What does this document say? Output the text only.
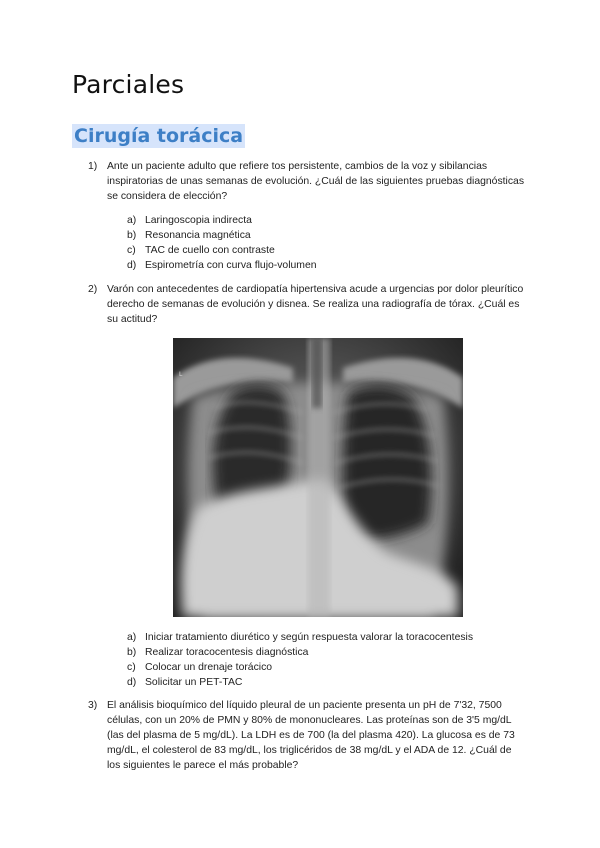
Parciales
Cirugía torácica
1) Ante un paciente adulto que refiere tos persistente, cambios de la voz y sibilancias inspiratorias de unas semanas de evolución. ¿Cuál de las siguientes pruebas diagnósticas se considera de elección?
a) Laringoscopia indirecta
b) Resonancia magnética
c) TAC de cuello con contraste
d) Espirometría con curva flujo-volumen
2) Varón con antecedentes de cardiopatía hipertensiva acude a urgencias por dolor pleurítico derecho de semanas de evolución y disnea. Se realiza una radiografía de tórax. ¿Cuál es su actitud?
L
a) Iniciar tratamiento diurético y según respuesta valorar la toracocentesis
b) Realizar toracocentesis diagnóstica
c) Colocar un drenaje torácico
d) Solicitar un PET-TAC
3) El análisis bioquímico del líquido pleural de un paciente presenta un pH de 7'32, 7500 células, con un 20% de PMN y 80% de mononucleares. Las proteínas son de 3'5 mg/dL (las del plasma de 5 mg/dL). La LDH es de 700 (la del plasma 420). La glucosa es de 73 mg/dL, el colesterol de 83 mg/dL, los triglicéridos de 38 mg/dL y el ADA de 12. ¿Cuál de los siguientes le parece el más probable?
